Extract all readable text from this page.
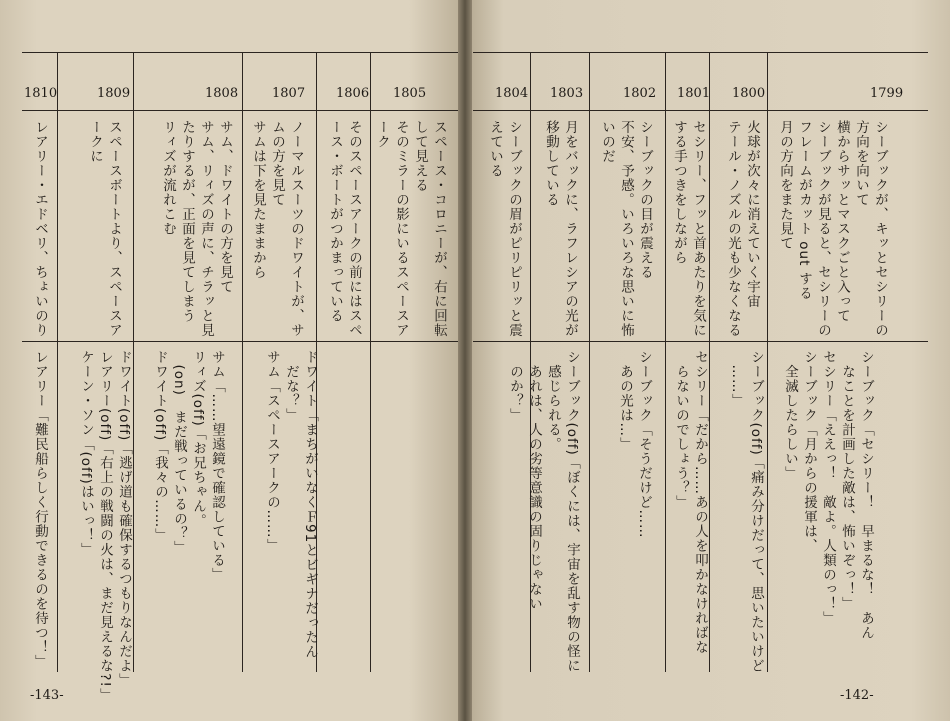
1805
1806
1807
1808
1809
1810
スペース・コロニーが、右に回転
して見える
そのミラーの影にいるスペースア
ーク
そのスペースアークの前にはスペ
ース・ボートがつかまっている
ノーマルスーツのドワイトが、サ
ムの方を見て
サムは下を見たままから
サム、ドワイトの方を見て
サム、リィズの声に、チラッと見
たりするが、正面を見てしまう
リィズが流れこむ
スペースボートより、スペースア
ークに
レアリー・エドベリ、ちょいのり
ドワイト「まちがいなくＦ91とビギナだったん
　だな？」
サム「スペースアークの……」
サム「……望遠鏡で確認している」
リィズ(off)「お兄ちゃん。
　(on)　まだ戦っているの？」
ドワイト(off)「我々の……」
ドワイト(off)「逃げ道も確保するつもりなんだよ」
レアリー(off)「右上の戦闘の火は、まだ見えるな?!」
ケーン・ソン「(off)はいっ！」
レアリー「難民船らしく行動できるのを待つ！」
-143-
1799
1800
1801
1802
1803
1804
シーブックが、キッとセシリーの
方向を向いて
横からサッとマスクごと入って
シーブックが見ると、セシリーの
フレームがカット out する
月の方向をまた見て
火球が次々に消えていく宇宙
テール・ノズルの光も少なくなる
セシリー、フッと首あたりを気に
する手つきをしながら
シーブックの目が震える
不安、予感。いろいろな思いに怖
いのだ
月をバックに、ラフレシアの光が
移動している
シーブックの眉がピリピリッと震
えている
シーブック「セシリー！　早まるな！　あん
　なことを計画した敵は、怖いぞっ！」
セシリー「ええっ！　敵よ。人類のっ！」
シーブック「月からの援軍は、
　全滅したらしい」
シーブック(off)「痛み分けだって、思いたいけど
　……」
セシリー「だから……あの人を叩かなければな
　らないのでしょう？」
シーブック「そうだけど……
　あの光は…」
シーブック(off)「ぼくには、宇宙を乱す物の怪に
　感じられる。
　あれは、人の劣等意識の固りじゃない
　のか？」
-142-
